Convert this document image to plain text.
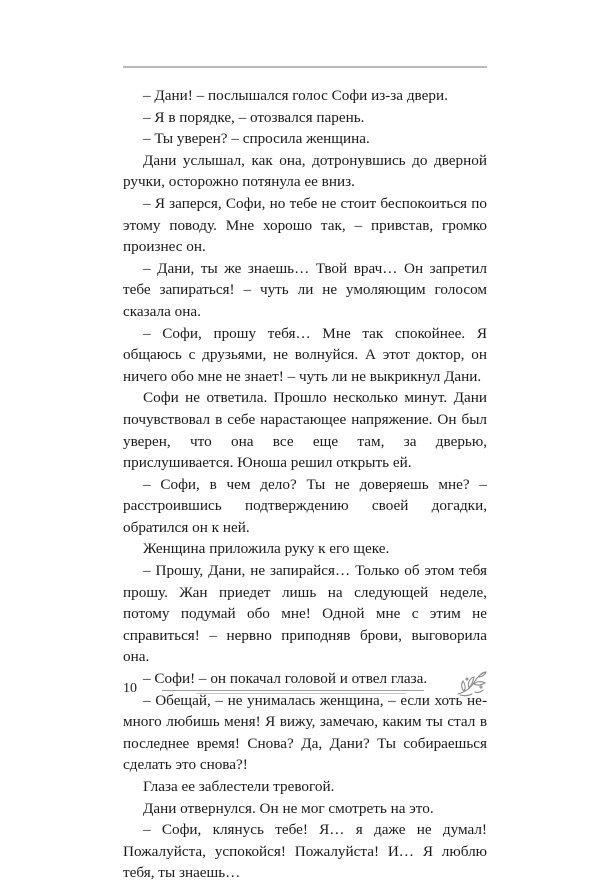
– Дани! – послышался голос Софи из-за двери.

– Я в порядке, – отозвался парень.

– Ты уверен? – спросила женщина.

Дани услышал, как она, дотронувшись до дверной ручки, осторожно потянула ее вниз.

– Я заперся, Софи, но тебе не стоит беспокоиться по этому поводу. Мне хорошо так, – привстав, громко произнес он.

– Дани, ты же знаешь… Твой врач… Он запретил тебе запираться! – чуть ли не умоляющим голосом сказала она.

– Софи, прошу тебя… Мне так спокойнее. Я общаюсь с друзьями, не волнуйся. А этот доктор, он ничего обо мне не знает! – чуть ли не выкрикнул Дани.

Софи не ответила. Прошло несколько минут. Дани почувствовал в себе нарастающее напряжение. Он был уверен, что она все еще там, за дверью, прислушивается. Юноша решил открыть ей.

– Софи, в чем дело? Ты не доверяешь мне? – расстроившись подтверждению своей догадки, обратился он к ней.

Женщина приложила руку к его щеке.

– Прошу, Дани, не запирайся… Только об этом тебя прошу. Жан приедет лишь на следующей неделе, потому подумай обо мне! Одной мне с этим не справиться! – нервно приподняв брови, выговорила она.

– Софи! – он покачал головой и отвел глаза.

– Обещай, – не унималась женщина, – если хоть немного любишь меня! Я вижу, замечаю, каким ты стал в последнее время! Снова? Да, Дани? Ты собираешься сделать это снова?!

Глаза ее заблестели тревогой.

Дани отвернулся. Он не мог смотреть на это.

– Софи, клянусь тебе! Я… я даже не думал! Пожалуйста, успокойся! Пожалуйста! И… Я люблю тебя, ты знаешь…

10
